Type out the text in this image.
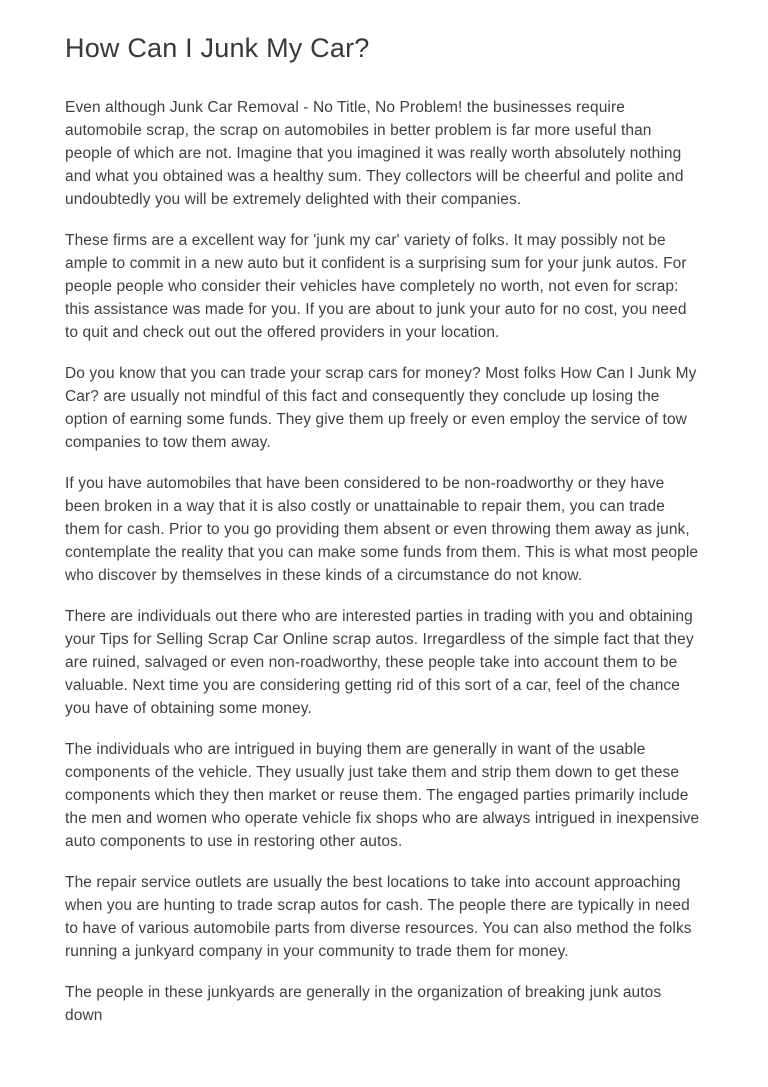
How Can I Junk My Car?

Even although Junk Car Removal - No Title, No Problem! the businesses require automobile scrap, the scrap on automobiles in better problem is far more useful than people of which are not. Imagine that you imagined it was really worth absolutely nothing and what you obtained was a healthy sum. They collectors will be cheerful and polite and undoubtedly you will be extremely delighted with their companies.

These firms are a excellent way for 'junk my car' variety of folks. It may possibly not be ample to commit in a new auto but it confident is a surprising sum for your junk autos. For people people who consider their vehicles have completely no worth, not even for scrap: this assistance was made for you. If you are about to junk your auto for no cost, you need to quit and check out out the offered providers in your location.

Do you know that you can trade your scrap cars for money? Most folks How Can I Junk My Car? are usually not mindful of this fact and consequently they conclude up losing the option of earning some funds. They give them up freely or even employ the service of tow companies to tow them away.

If you have automobiles that have been considered to be non-roadworthy or they have been broken in a way that it is also costly or unattainable to repair them, you can trade them for cash. Prior to you go providing them absent or even throwing them away as junk, contemplate the reality that you can make some funds from them. This is what most people who discover by themselves in these kinds of a circumstance do not know.

There are individuals out there who are interested parties in trading with you and obtaining your Tips for Selling Scrap Car Online scrap autos. Irregardless of the simple fact that they are ruined, salvaged or even non-roadworthy, these people take into account them to be valuable. Next time you are considering getting rid of this sort of a car, feel of the chance you have of obtaining some money.

The individuals who are intrigued in buying them are generally in want of the usable components of the vehicle. They usually just take them and strip them down to get these components which they then market or reuse them. The engaged parties primarily include the men and women who operate vehicle fix shops who are always intrigued in inexpensive auto components to use in restoring other autos.

The repair service outlets are usually the best locations to take into account approaching when you are hunting to trade scrap autos for cash. The people there are typically in need to have of various automobile parts from diverse resources. You can also method the folks running a junkyard company in your community to trade them for money.

The people in these junkyards are generally in the organization of breaking junk autos down
